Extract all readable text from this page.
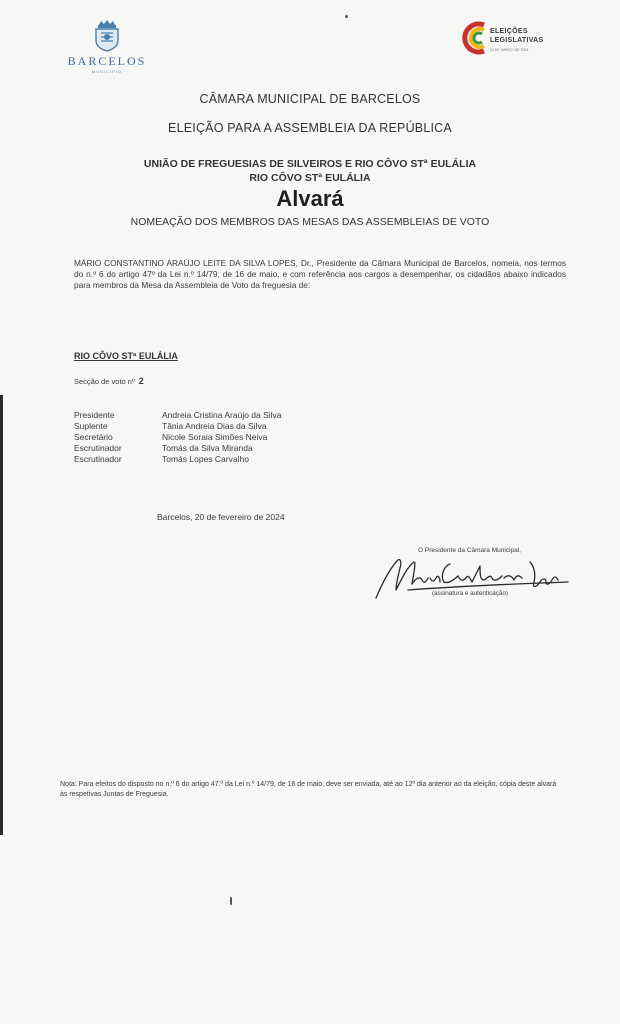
BARCELOS
MUNICÍPIO
ELEIÇÕES
LEGISLATIVAS
10 DE MARÇO DE 2024
CÂMARA MUNICIPAL DE BARCELOS
ELEIÇÃO PARA A ASSEMBLEIA DA REPÚBLICA
UNIÃO DE FREGUESIAS DE SILVEIROS E RIO CÔVO STª EULÁLIA
RIO CÔVO STª EULÁLIA
Alvará
NOMEAÇÃO DOS MEMBROS DAS MESAS DAS ASSEMBLEIAS DE VOTO
MÁRIO CONSTANTINO ARAÚJO LEITE DA SILVA LOPES, Dr., Presidente da Câmara Municipal de Barcelos, nomeia, nos termos do n.º 6 do artigo 47º da Lei n.º 14/79, de 16 de maio, e com referência aos cargos a desempenhar, os cidadãos abaixo indicados para membros da Mesa da Assembleia de Voto da freguesia de:
RIO CÔVO STª EULÁLIA
Secção de voto nº 2
Presidente	Andreia Cristina Araújo da Silva
Suplente	Tânia Andreia Dias da Silva
Secretário	Nicole Soraia Simões Neiva
Escrutinador	Tomás da Silva Miranda
Escrutinador	Tomás Lopes Carvalho
Barcelos, 20 de fevereiro de 2024
O Presidente da Câmara Municipal,
(assinatura e autenticação)
Nota: Para efeitos do disposto no n.º 6 do artigo 47.º da Lei n.º 14/79, de 16 de maio, deve ser enviada, até ao 12º dia anterior ao da eleição, cópia deste alvará às respetivas Juntas de Freguesia.
